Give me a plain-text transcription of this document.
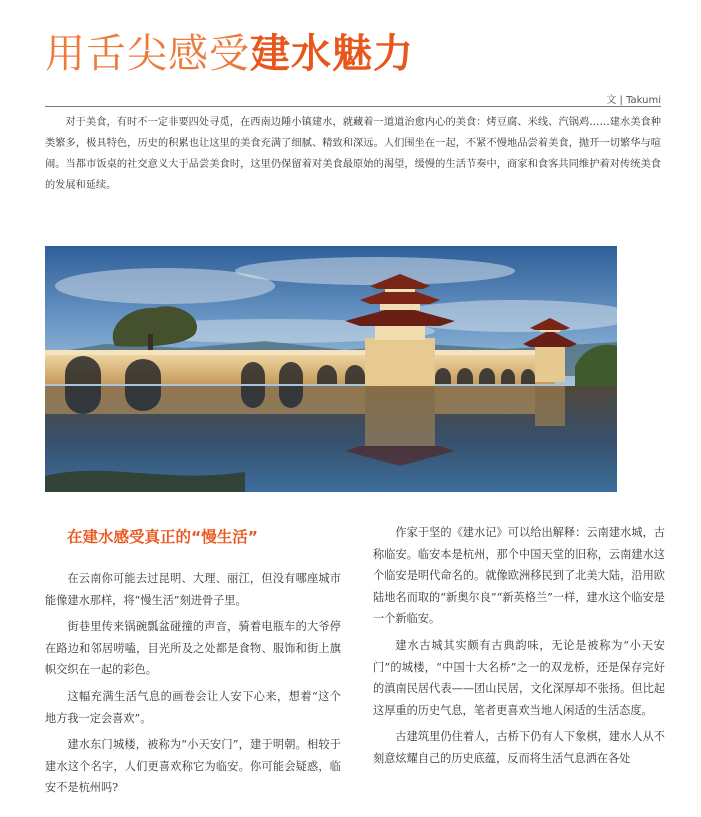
用舌尖感受建水魅力
文 | Takumi

对于美食，有时不一定非要四处寻觅，在西南边陲小镇建水，就藏着一道道治愈内心的美食：烤豆腐、米线、汽锅鸡……建水美食种类繁多，极具特色，历史的积累也让这里的美食充满了细腻、精致和深远。人们围坐在一起，不紧不慢地品尝着美食，抛开一切繁华与喧闹。当都市饭桌的社交意义大于品尝美食时，这里仍保留着对美食最原始的渴望，缓慢的生活节奏中，商家和食客共同维护着对传统美食的发展和延续。

在建水感受真正的“慢生活”

在云南你可能去过昆明、大理、丽江，但没有哪座城市能像建水那样，将“慢生活”刻进骨子里。

街巷里传来锅碗瓢盆碰撞的声音，骑着电瓶车的大爷停在路边和邻居唠嗑，目光所及之处都是食物、服饰和街上旗帜交织在一起的彩色。

这幅充满生活气息的画卷会让人安下心来，想着“这个地方我一定会喜欢”。

建水东门城楼，被称为“小天安门”，建于明朝。相较于建水这个名字，人们更喜欢称它为临安。你可能会疑惑，临安不是杭州吗?

作家于坚的《建水记》可以给出解释：云南建水城，古称临安。临安本是杭州，那个中国天堂的旧称，云南建水这个临安是明代命名的。就像欧洲移民到了北美大陆，沿用欧陆地名而取的“新奥尔良”“新英格兰”一样，建水这个临安是一个新临安。

建水古城其实颇有古典韵味，无论是被称为“小天安门”的城楼，“中国十大名桥”之一的双龙桥，还是保存完好的滇南民居代表——团山民居，文化深厚却不张扬。但比起这厚重的历史气息，笔者更喜欢当地人闲适的生活态度。

古建筑里仍住着人，古桥下仍有人下象棋，建水人从不刻意炫耀自己的历史底蕴，反而将生活气息洒在各处
